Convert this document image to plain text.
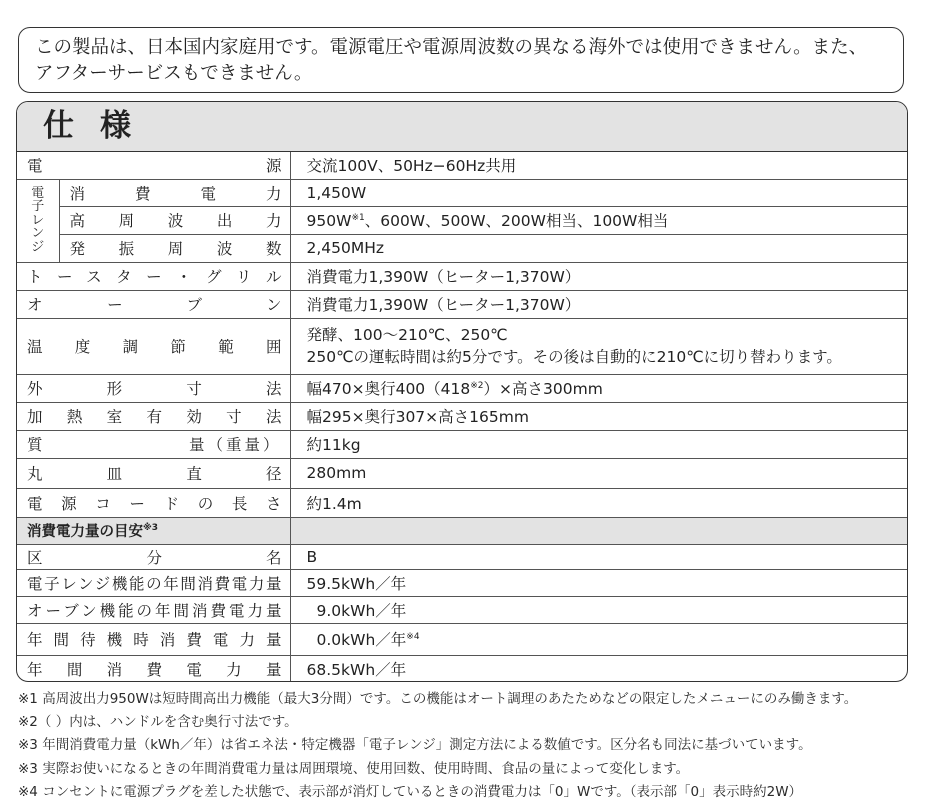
この製品は、日本国内家庭用です。電源電圧や電源周波数の異なる海外では使用できません。また、アフターサービスもできません。
仕様
電源		交流100V、50Hz−60Hz共用

電子レンジ	消費電力	1,450W
	高周波出力	$950W^{※1}$、600W、500W、200W相当、100W相当
	発振周波数	2,450MHz
トースター・グリル		消費電力1,390W（ヒーター1,370W）
オーブン		消費電力1,390W（ヒーター1,370W）
温度調節範囲		発酵、100〜210℃、250℃
250℃の運転時間は約5分です。その後は自動的に210℃に切り替わります。

外形寸法		幅470×奥行$400(418^{※2})\times$高さ300mm
加熱室有効寸法		幅295×奥行307×高さ165mm
質 量（重量）		約11kg
丸皿直径		280mm
電源コードの長さ		約1.4m
消費電力量の目安$^{※3}$	
区分名		B
電子レンジ機能の年間消費電力量		59.5kWh／年
オーブン機能の年間消費電力量		9.0kWh／年
年間待機時消費電力量		0.0kWh／年$^{※4}$
年間消費電力量		68.5kWh／年
※1 高周波出力950Wは短時間高出力機能（最大3分間）です。この機能はオート調理のあたためなどの限定したメニューにのみ働きます。
※2（ ）内は、ハンドルを含む奥行寸法です。
※3 年間消費電力量（kWh／年）は省エネ法・特定機器「電子レンジ」測定方法による数値です。区分名も同法に基づいています。
※3 実際お使いになるときの年間消費電力量は周囲環境、使用回数、使用時間、食品の量によって変化します。
※4 コンセントに電源プラグを差した状態で、表示部が消灯しているときの消費電力は「0」Wです。（表示部「0」表示時約2W）
